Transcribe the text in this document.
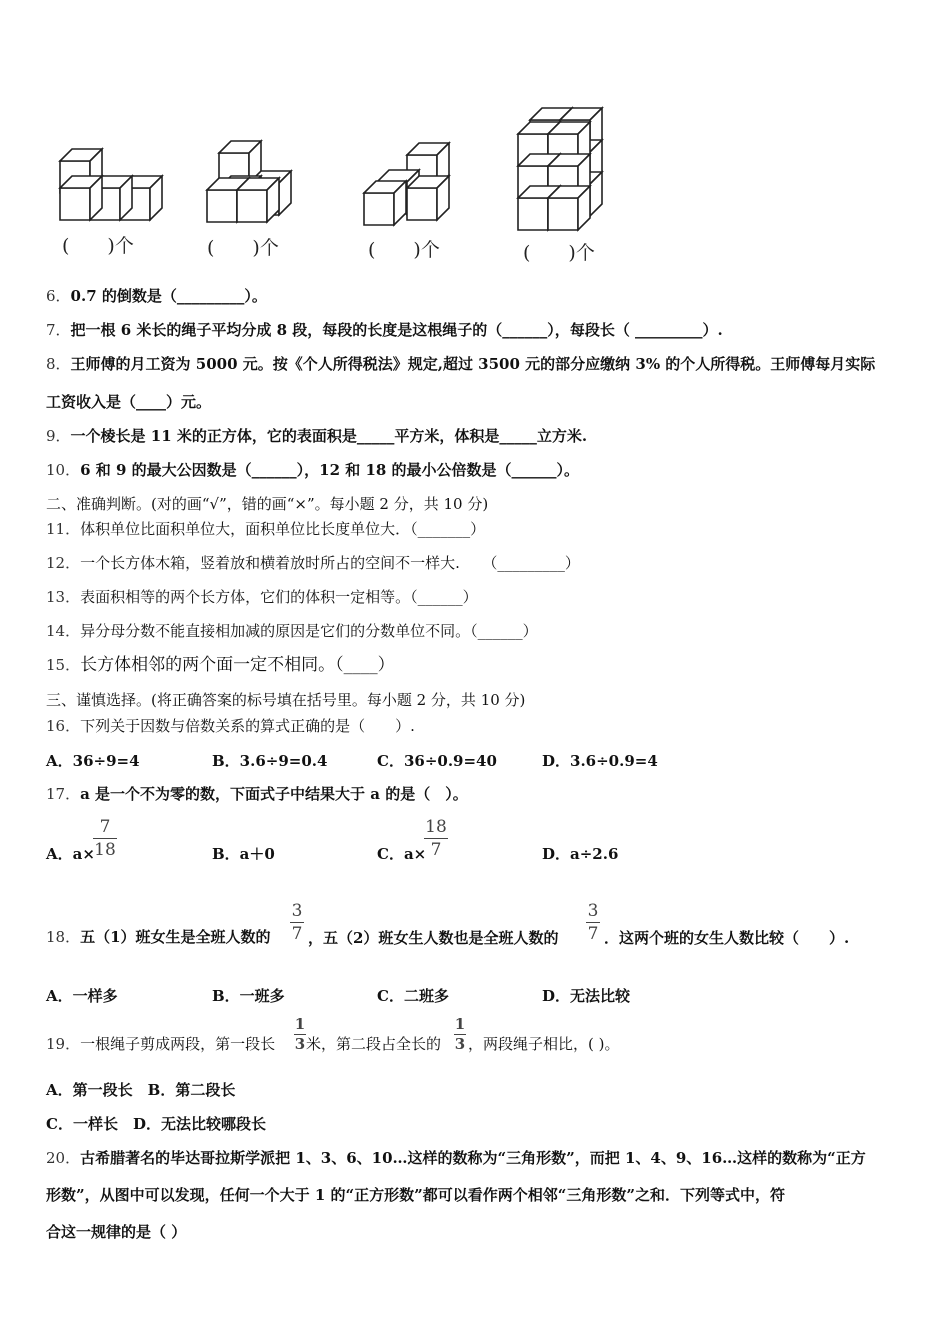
(　　)个	(　　)个	(　　)个	(　　)个
6．0.7 的倒数是（_________）。
7．把一根 6 米长的绳子平均分成 8 段，每段的长度是这根绳子的（______），每段长（ _________）.
8．王师傅的月工资为 5000 元。按《个人所得税法》规定,超过 3500 元的部分应缴纳 3% 的个人所得税。王师傅每月实际
工资收入是（____）元。
9．一个棱长是 11 米的正方体，它的表面积是_____平方米，体积是_____立方米.
10．6 和 9 的最大公因数是（______），12 和 18 的最小公倍数是（______）。
二、准确判断。(对的画“√”，错的画“×”。每小题 2 分，共 10 分)
11．体积单位比面积单位大，面积单位比长度单位大．（_______）
12．一个长方体木箱，竖着放和横着放时所占的空间不一样大.　　（_________）
13．表面积相等的两个长方体，它们的体积一定相等。（______）
14．异分母分数不能直接相加减的原因是它们的分数单位不同。（______）
15．长方体相邻的两个面一定不相同。（____）
三、谨慎选择。(将正确答案的标号填在括号里。每小题 2 分，共 10 分)
16．下列关于因数与倍数关系的算式正确的是（　　）.
A．36÷9=4	B．3.6÷9=0.4	C．36÷0.9=40	D．3.6÷0.9=4
17．a 是一个不为零的数，下面式子中结果大于 a 的是（　）。
A．a×
7
18	B．a＋0	C．a×
18
7	D．a÷2.6
18．五（1）班女生是全班人数的
3
7 ，五（2）班女生人数也是全班人数的
3
7 ．这两个班的女生人数比较（　　）.
A．一样多	B．一班多	C．二班多	D．无法比较
19．一根绳子剪成两段，第一段长
1
3 米，第二段占全长的
1
3 ，两段绳子相比，( )。
A．第一段长　B．第二段长
C．一样长　D．无法比较哪段长
20．古希腊著名的毕达哥拉斯学派把 1、3、6、10…这样的数称为“三角形数”，而把 1、4、9、16…这样的数称为“正方
形数”，从图中可以发现，任何一个大于 1 的“正方形数”都可以看作两个相邻“三角形数”之和．下列等式中，符
合这一规律的是（ ）
